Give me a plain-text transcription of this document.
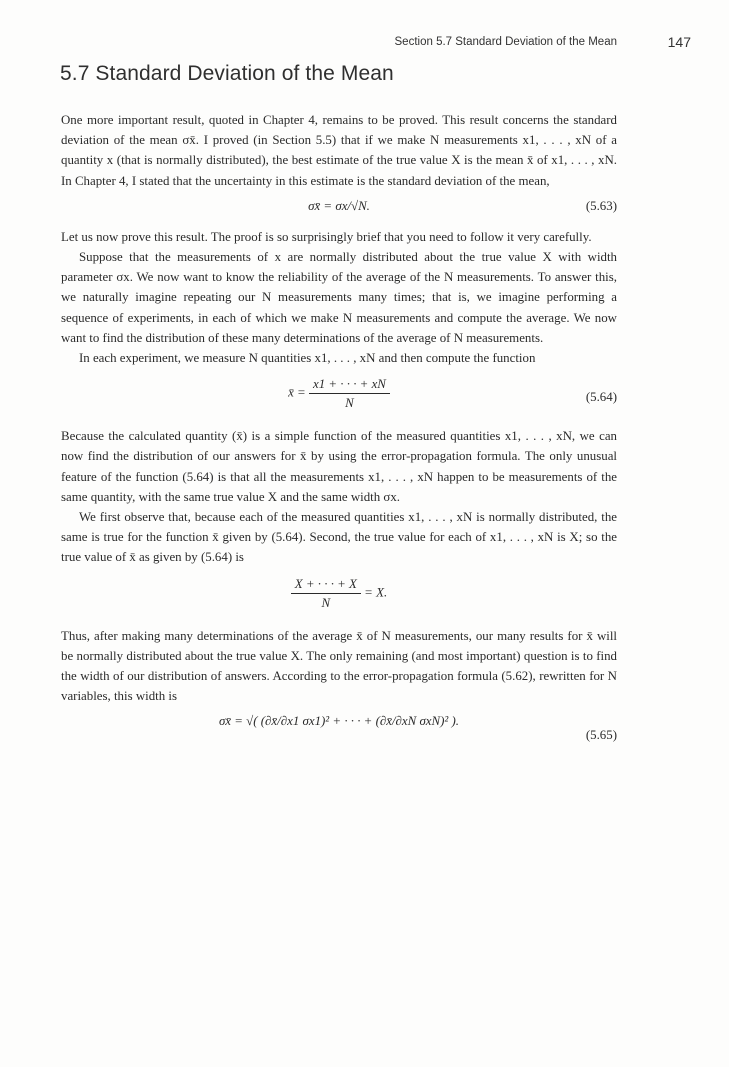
Section 5.7 Standard Deviation of the Mean	147
5.7 Standard Deviation of the Mean

One more important result, quoted in Chapter 4, remains to be proved. This result concerns the standard deviation of the mean σx̄. I proved (in Section 5.5) that if we make N measurements x1, . . . , xN of a quantity x (that is normally distributed), the best estimate of the true value X is the mean x̄ of x1, . . . , xN. In Chapter 4, I stated that the uncertainty in this estimate is the standard deviation of the mean,

σx̄ = σx/√N.	(5.63)

Let us now prove this result. The proof is so surprisingly brief that you need to follow it very carefully.

Suppose that the measurements of x are normally distributed about the true value X with width parameter σx. We now want to know the reliability of the average of the N measurements. To answer this, we naturally imagine repeating our N measurements many times; that is, we imagine performing a sequence of experiments, in each of which we make N measurements and compute the average. We now want to find the distribution of these many determinations of the average of N measurements.

In each experiment, we measure N quantities x1, . . . , xN and then compute the function

x̄ = $\frac{x1 + \cdot \cdot \cdot + xN}{N}$	(5.64)

Because the calculated quantity (x̄) is a simple function of the measured quantities x1, . . . , xN, we can now find the distribution of our answers for x̄ by using the error-propagation formula. The only unusual feature of the function (5.64) is that all the measurements x1, . . . , xN happen to be measurements of the same quantity, with the same true value X and the same width σx.

We first observe that, because each of the measured quantities x1, . . . , xN is normally distributed, the same is true for the function x̄ given by (5.64). Second, the true value for each of x1, . . . , xN is X; so the true value of x̄ as given by (5.64) is

$\frac{X + \cdot \cdot \cdot + X}{N} = X$.

Thus, after making many determinations of the average x̄ of N measurements, our many results for x̄ will be normally distributed about the true value X. The only remaining (and most important) question is to find the width of our distribution of answers. According to the error-propagation formula (5.62), rewritten for N variables, this width is

σx̄ = √( (∂x̄/∂x1 σx1)² + · · · + (∂x̄/∂xN σxN)² ).
(5.65)
